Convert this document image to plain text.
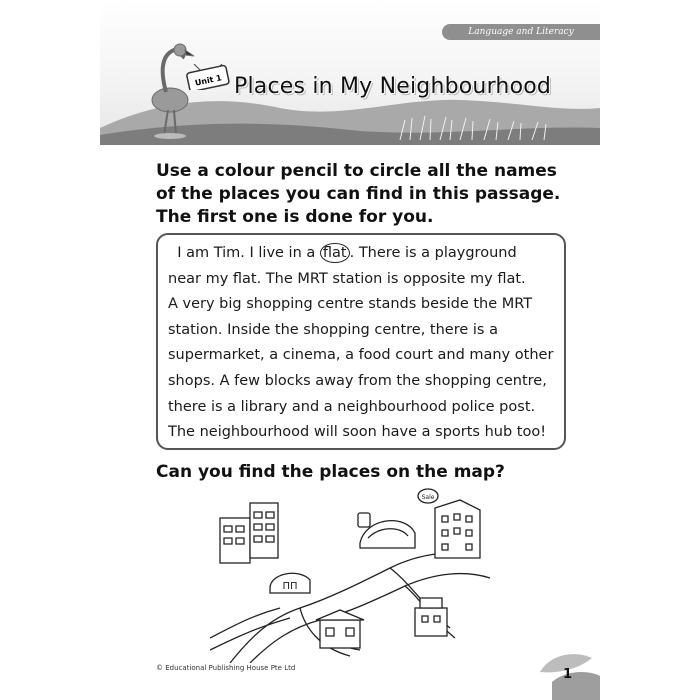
Language and Literacy
Unit 1 Places in My Neighbourhood
Use a colour pencil to circle all the names of the places you can find in this passage. The first one is done for you.
I am Tim. I live in a flat . There is a playground
near my flat. The MRT station is opposite my flat.
A very big shopping centre stands beside the MRT
station. Inside the shopping centre, there is a
supermarket, a cinema, a food court and many other
shops. A few blocks away from the shopping centre,
there is a library and a neighbourhood police post.
The neighbourhood will soon have a sports hub too!
Can you find the places on the map?
ПП
Sale
© Educational Publishing House Pte Ltd	1
